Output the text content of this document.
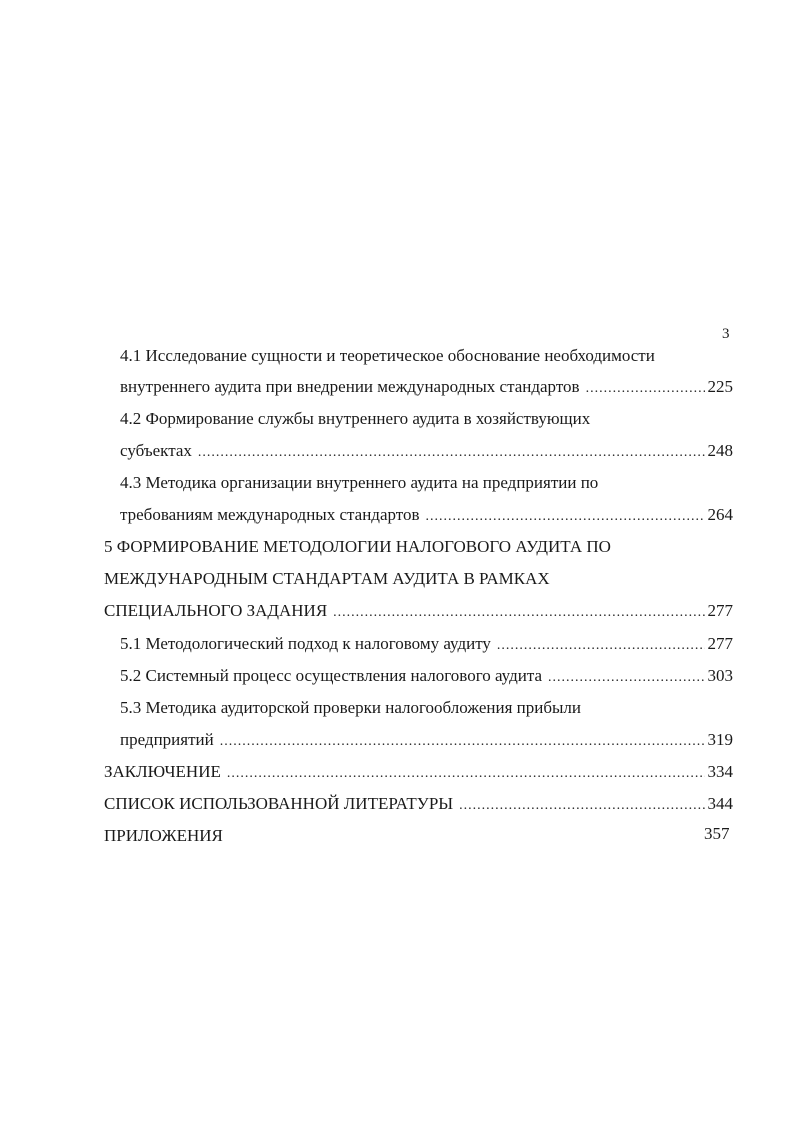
3
4.1 Исследование сущности и теоретическое обоснование необходимости
внутреннего аудита при внедрении международных стандартов .....	225
4.2 Формирование службы внутреннего аудита в хозяйствующих
субъектах .....	248
4.3 Методика организации внутреннего аудита на предприятии по
требованиям международных стандартов .....	264
5 ФОРМИРОВАНИЕ МЕТОДОЛОГИИ НАЛОГОВОГО АУДИТА ПО
МЕЖДУНАРОДНЫМ СТАНДАРТАМ АУДИТА В РАМКАХ
СПЕЦИАЛЬНОГО ЗАДАНИЯ .....	277
5.1 Методологический подход к налоговому аудиту .....	277
5.2 Системный процесс осуществления налогового аудита .....	303
5.3 Методика аудиторской проверки налогообложения прибыли
предприятий .....	319
ЗАКЛЮЧЕНИЕ .....	334
СПИСОК ИСПОЛЬЗОВАННОЙ ЛИТЕРАТУРЫ .....	344
ПРИЛОЖЕНИЯ	357
